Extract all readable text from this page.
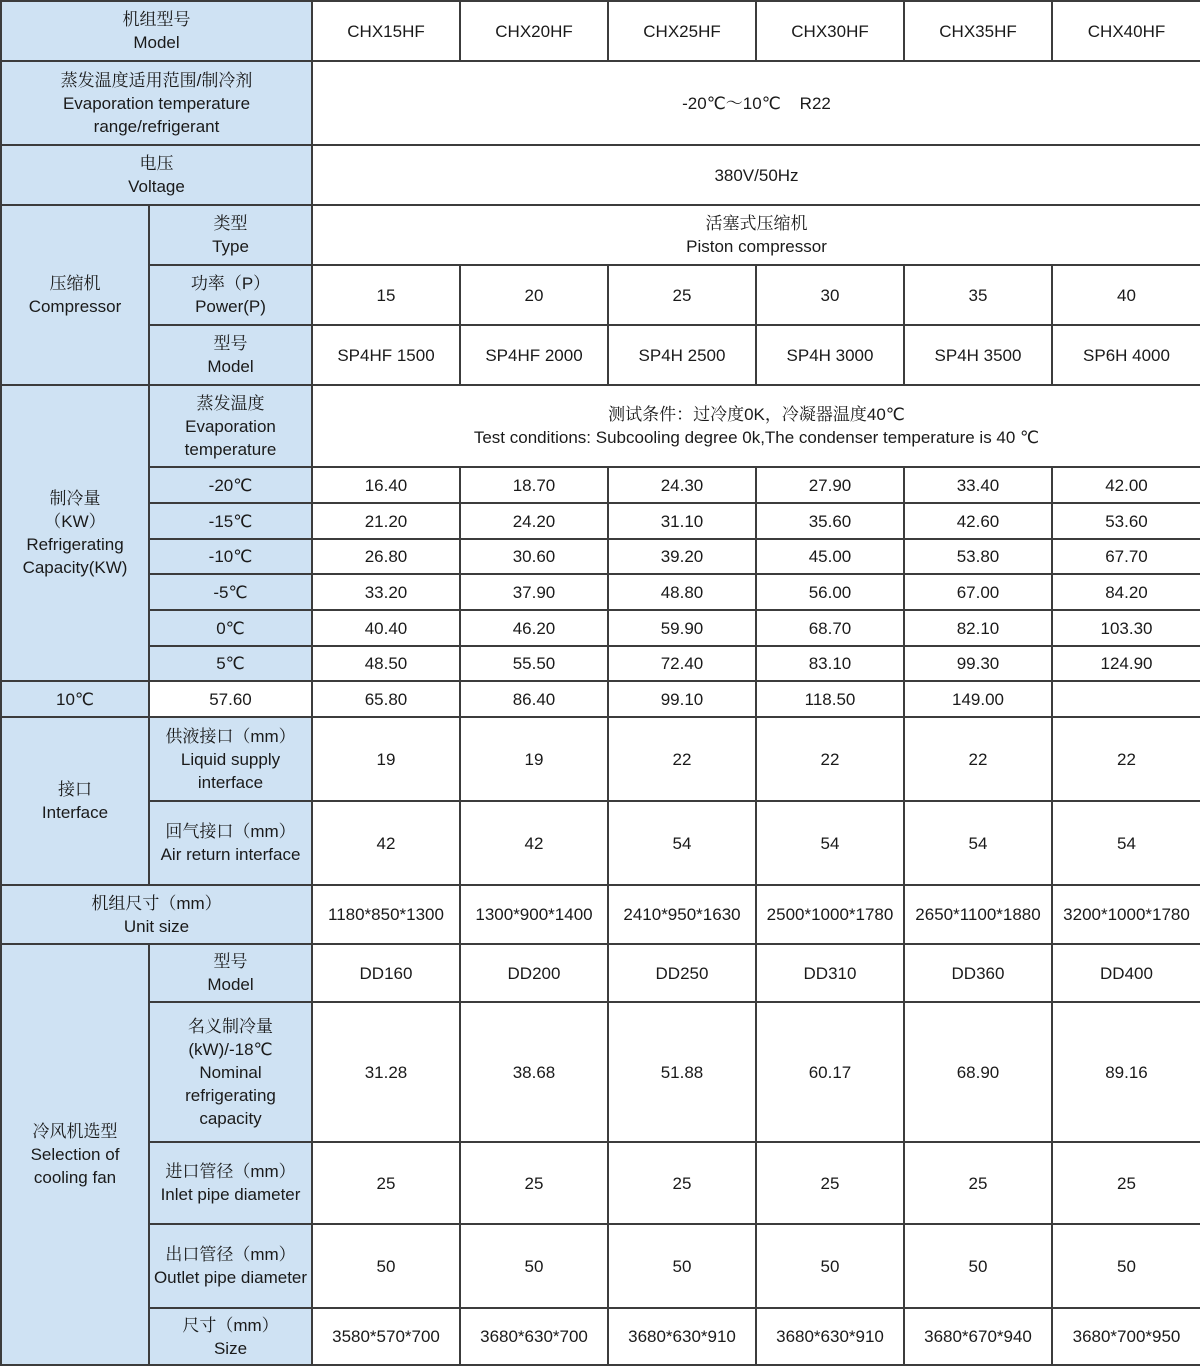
机组型号
Model		CHX15HF	CHX20HF	CHX25HF	CHX30HF	CHX35HF	CHX40HF

蒸发温度适用范围/制冷剂
Evaporation temperature range/refrigerant		-20℃～10℃    R22					

电压
Voltage		380V/50Hz					

压缩机
Compressor	类型
Type	活塞式压缩机
Piston compressor					

	功率（P）
Power(P)	15	20	25	30	35	40

	型号
Model	SP4HF 1500	SP4HF 2000	SP4H 2500	SP4H 3000	SP4H 3500	SP6H 4000

制冷量
（KW）
Refrigerating Capacity(KW)	蒸发温度
Evaporation temperature	测试条件：过冷度0K，冷凝器温度40℃
Test conditions: Subcooling degree 0k,The condenser temperature is 40 ℃					

	-20℃	16.40	18.70	24.30	27.90	33.40	42.00
	-15℃	21.20	24.20	31.10	35.60	42.60	53.60
	-10℃	26.80	30.60	39.20	45.00	53.80	67.70
	-5℃	33.20	37.90	48.80	56.00	67.00	84.20
	0℃	40.40	46.20	59.90	68.70	82.10	103.30
	5℃	48.50	55.50	72.40	83.10	99.30	124.90
10℃	57.60	65.80	86.40	99.10	118.50	149.00	

接口
Interface	供液接口（mm）
Liquid supply interface	19	19	22	22	22	22

	回气接口（mm）
Air return interface	42	42	54	54	54	54

机组尺寸（mm）
Unit size		1180*850*1300	1300*900*1400	2410*950*1630	2500*1000*1780	2650*1100*1880	3200*1000*1780

冷风机选型
Selection of cooling fan	型号
Model	DD160	DD200	DD250	DD310	DD360	DD400

	名义制冷量(kW)/-18℃
Nominal refrigerating capacity	31.28	38.68	51.88	60.17	68.90	89.16

	进口管径（mm）
Inlet pipe diameter	25	25	25	25	25	25

	出口管径（mm）
Outlet pipe diameter	50	50	50	50	50	50

	尺寸（mm）
Size	3580*570*700	3680*630*700	3680*630*910	3680*630*910	3680*670*940	3680*700*950
